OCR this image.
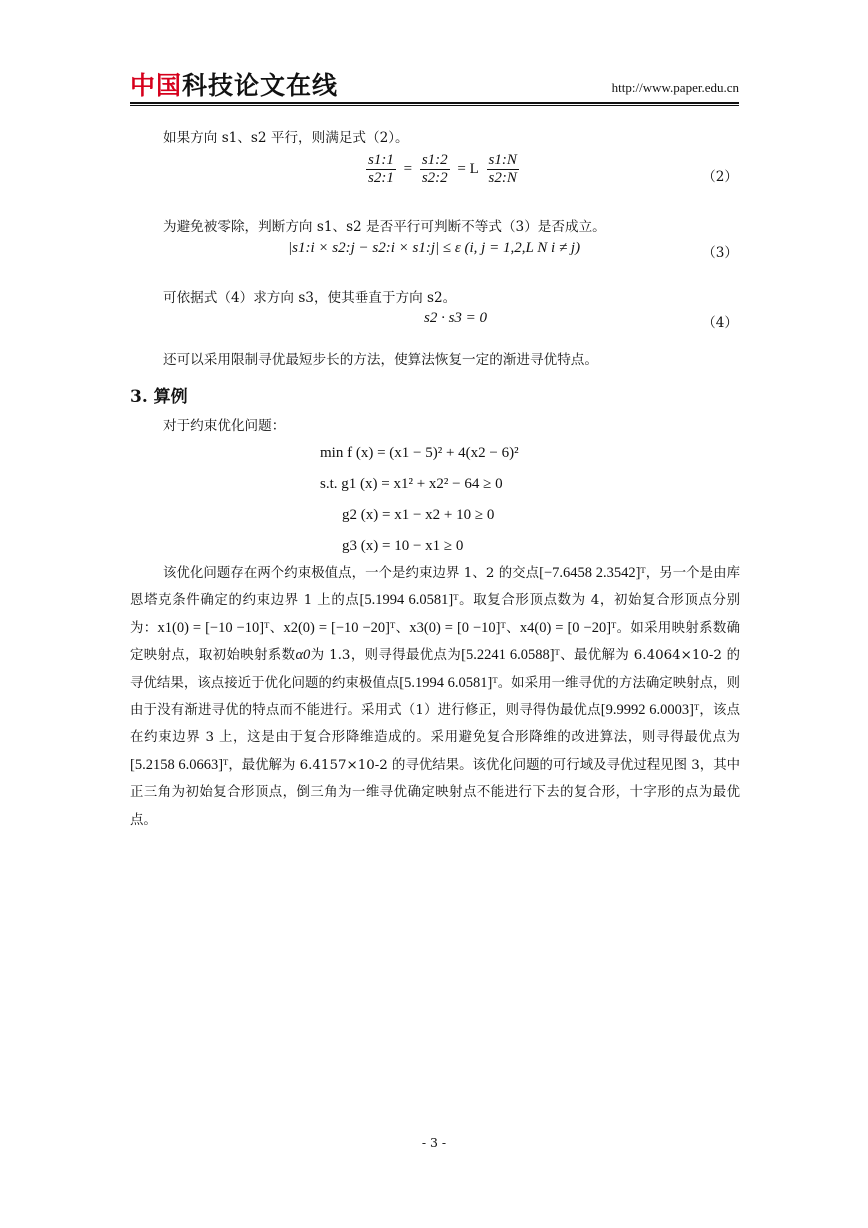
中国科技论文在线	http://www.paper.edu.cn
如果方向 s1、s2 平行，则满足式（2）。
$\frac{s1:1}{s2:1} = \frac{s1:2}{s2:2} = L \frac{s1:N}{s2:N}$	（2）
为避免被零除，判断方向 s1、s2 是否平行可判断不等式（3）是否成立。
|s1:i × s2:j − s2:i × s1:j| ≤ ε (i, j = 1,2,L N i ≠ j)	（3）
可依据式（4）求方向 s3，使其垂直于方向 s2。
s2 · s3 = 0	（4）
还可以采用限制寻优最短步长的方法，使算法恢复一定的渐进寻优特点。
3. 算例
对于约束优化问题：
min f (x) = (x1 − 5)² + 4(x2 − 6)²
s.t. g1 (x) = x1² + x2² − 64 ≥ 0
g2 (x) = x1 − x2 + 10 ≥ 0
g3 (x) = 10 − x1 ≥ 0

该优化问题存在两个约束极值点，一个是约束边界 1、2 的交点[−7.6458 2.3542]ᵀ，另一个是由库恩塔克条件确定的约束边界 1 上的点[5.1994 6.0581]ᵀ。取复合形顶点数为 4，初始复合形顶点分别为：x1(0) = [−10 −10]ᵀ、x2(0) = [−10 −20]ᵀ、x3(0) = [0 −10]ᵀ、x4(0) = [0 −20]ᵀ。如采用映射系数确定映射点，取初始映射系数α0为 1.3，则寻得最优点为[5.2241 6.0588]ᵀ、最优解为 6.4064×10-2 的寻优结果，该点接近于优化问题的约束极值点[5.1994 6.0581]ᵀ。如采用一维寻优的方法确定映射点，则由于没有渐进寻优的特点而不能进行。采用式（1）进行修正，则寻得伪最优点[9.9992 6.0003]ᵀ，该点在约束边界 3 上，这是由于复合形降维造成的。采用避免复合形降维的改进算法，则寻得最优点为[5.2158 6.0663]ᵀ，最优解为 6.4157×10-2 的寻优结果。该优化问题的可行域及寻优过程见图 3，其中正三角为初始复合形顶点，倒三角为一维寻优确定映射点不能进行下去的复合形，十字形的点为最优点。

- 3 -
